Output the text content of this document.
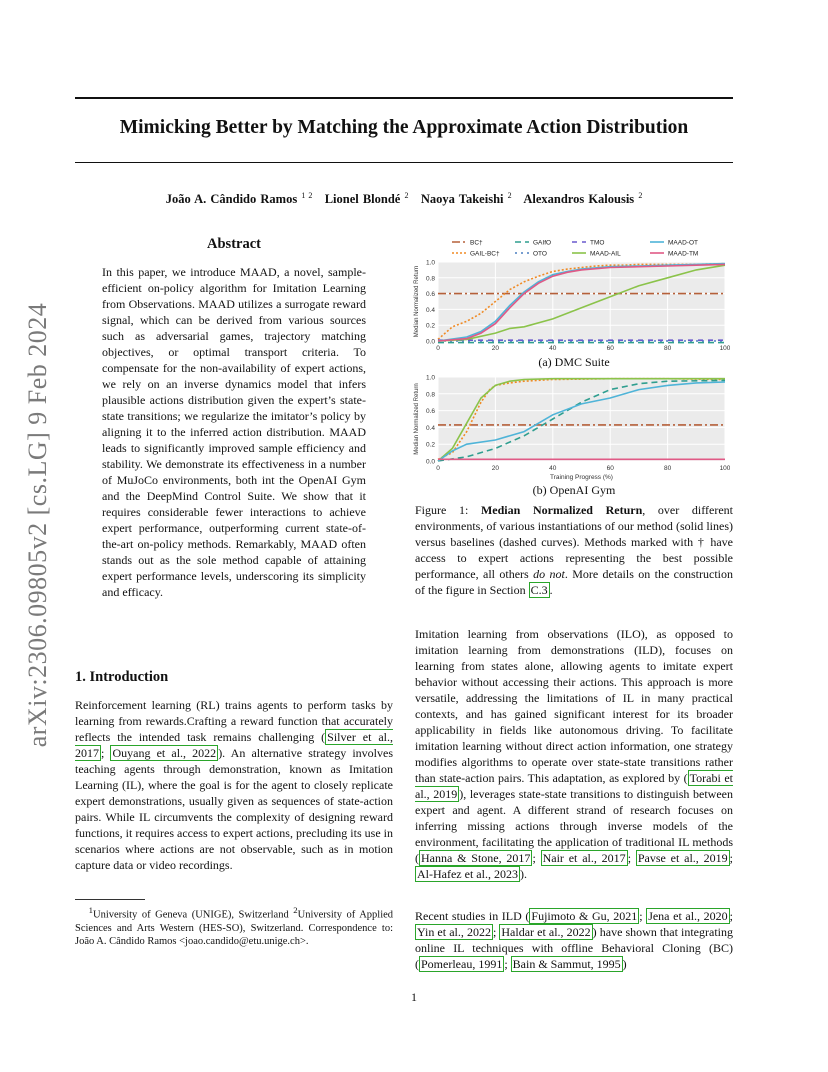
Mimicking Better by Matching the Approximate Action Distribution
João A. Cândido Ramos $^{1 2}$ Lionel Blondé $^2$ Naoya Takeishi $^2$ Alexandros Kalousis $^2$
arXiv:2306.09805v2 [cs.LG] 9 Feb 2024
Abstract
In this paper, we introduce MAAD, a novel, sample-efficient on-policy algorithm for Imitation Learning from Observations. MAAD utilizes a surrogate reward signal, which can be derived from various sources such as adversarial games, trajectory matching objectives, or optimal transport criteria. To compensate for the non-availability of expert actions, we rely on an inverse dynamics model that infers plausible actions distribution given the expert’s state-state transitions; we regularize the imitator’s policy by aligning it to the inferred action distribution. MAAD leads to significantly improved sample efficiency and stability. We demonstrate its effectiveness in a number of MuJoCo environments, both int the OpenAI Gym and the DeepMind Control Suite. We show that it requires considerable fewer interactions to achieve expert performance, outperforming current state-of-the-art on-policy methods. Remarkably, MAAD often stands out as the sole method capable of attaining expert performance levels, underscoring its simplicity and efficacy.
1. Introduction
Reinforcement learning (RL) trains agents to perform tasks by learning from rewards.Crafting a reward function that accurately reflects the intended task remains challenging ( Silver et al., 2017 ; Ouyang et al., 2022 ). An alternative strategy involves teaching agents through demonstration, known as Imitation Learning (IL), where the goal is for the agent to closely replicate expert demonstrations, usually given as sequences of state-action pairs. While IL circumvents the complexity of designing reward functions, it requires access to expert actions, precluding its use in scenarios where actions are not observable, such as in motion capture data or video recordings.
$^1$University of Geneva (UNIGE), Switzerland $^2$University of Applied Sciences and Arts Western (HES-SO), Switzerland. Correspondence to: João A. Cândido Ramos <joao.candido@etu.unige.ch>.
0	20	40	60	80	100
0.0
0.2
0.4
0.6
0.8
1.0
Median Normalized Return
BC†
GAIL-BC†
GAIfO
OTO
TMO
MAAD-AIL
MAAD-OT
MAAD-TM
(a) DMC Suite
0	20	40	60	80	100
0.0
0.2
0.4
0.6
0.8
1.0
Median Normalized Return
Training Progress (%)
(b) OpenAI Gym
Figure 1: Median Normalized Return, over different environments, of various instantiations of our method (solid lines) versus baselines (dashed curves). Methods marked with † have access to expert actions representing the best possible performance, all others do not. More details on the construction of the figure in Section C.3 .
Imitation learning from observations (ILO), as opposed to imitation learning from demonstrations (ILD), focuses on learning from states alone, allowing agents to imitate expert behavior without accessing their actions. This approach is more versatile, addressing the limitations of IL in many practical contexts, and has gained significant interest for its broader applicability in fields like autonomous driving. To facilitate imitation learning without direct action information, one strategy modifies algorithms to operate over state-state transitions rather than state-action pairs. This adaptation, as explored by ( Torabi et al., 2019 ), leverages state-state transitions to distinguish between expert and agent. A different strand of research focuses on inferring missing actions through inverse models of the environment, facilitating the application of traditional IL methods ( Hanna & Stone, 2017 ; Nair et al., 2017 ; Pavse et al., 2019 ; Al-Hafez et al., 2023 ).
Recent studies in ILD ( Fujimoto & Gu, 2021 ; Jena et al., 2020 ; Yin et al., 2022 ; Haldar et al., 2022 ) have shown that integrating online IL techniques with offline Behavioral Cloning (BC) ( Pomerleau, 1991 ; Bain & Sammut, 1995 )
1
